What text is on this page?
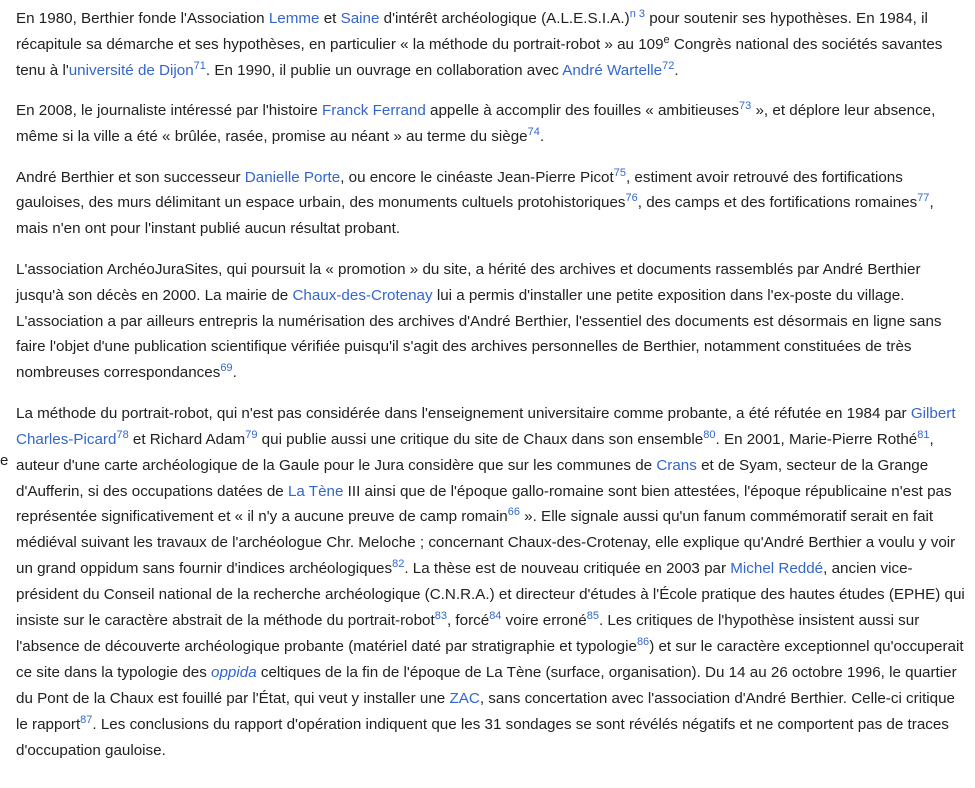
e

En 1980, Berthier fonde l'Association Lemme et Saine d'intérêt archéologique $(A.L.E.S.I.A.)^{n 3}$ pour soutenir ses hypothèses. En 1984, il récapitule sa démarche et ses hypothèses, en particulier « la méthode du portrait-robot » au 109e Congrès national des sociétés savantes tenu à l'université de Dijon$^{71}$. En 1990, il publie un ouvrage en collaboration avec André Wartelle$^{72}$.

En 2008, le journaliste intéressé par l'histoire Franck Ferrand appelle à accomplir des fouilles « ambitieuses$^{73}$ », et déplore leur absence, même si la ville a été « brûlée, rasée, promise au néant » au terme du siège$^{74}$.

André Berthier et son successeur Danielle Porte, ou encore le cinéaste Jean-Pierre Picot$^{75}$, estiment avoir retrouvé des fortifications gauloises, des murs délimitant un espace urbain, des monuments cultuels protohistoriques$^{76}$, des camps et des fortifications romaines$^{77}$, mais n'en ont pour l'instant publié aucun résultat probant.

L'association ArchéoJuraSites, qui poursuit la « promotion » du site, a hérité des archives et documents rassemblés par André Berthier jusqu'à son décès en 2000. La mairie de Chaux-des-Crotenay lui a permis d'installer une petite exposition dans l'ex-poste du village. L'association a par ailleurs entrepris la numérisation des archives d'André Berthier, l'essentiel des documents est désormais en ligne sans faire l'objet d'une publication scientifique vérifiée puisqu'il s'agit des archives personnelles de Berthier, notamment constituées de très nombreuses correspondances$^{69}$.

La méthode du portrait-robot, qui n'est pas considérée dans l'enseignement universitaire comme probante, a été réfutée en 1984 par Gilbert Charles-Picard$^{78}$ et Richard Adam$^{79}$ qui publie aussi une critique du site de Chaux dans son ensemble$^{80}$. En 2001, Marie-Pierre Rothé$^{81}$, auteur d'une carte archéologique de la Gaule pour le Jura considère que sur les communes de Crans et de Syam, secteur de la Grange d'Aufferin, si des occupations datées de La Tène III ainsi que de l'époque gallo-romaine sont bien attestées, l'époque républicaine n'est pas représentée significativement et « il n'y a aucune preuve de camp romain$^{66}$ ». Elle signale aussi qu'un fanum commémoratif serait en fait médiéval suivant les travaux de l'archéologue Chr. Meloche ; concernant Chaux-des-Crotenay, elle explique qu'André Berthier a voulu y voir un grand oppidum sans fournir d'indices archéologiques$^{82}$. La thèse est de nouveau critiquée en 2003 par Michel Reddé, ancien vice-président du Conseil national de la recherche archéologique (C.N.R.A.) et directeur d'études à l'École pratique des hautes études (EPHE) qui insiste sur le caractère abstrait de la méthode du portrait-robot$^{83}$, forcé$^{84}$ voire erroné$^{85}$. Les critiques de l'hypothèse insistent aussi sur l'absence de découverte archéologique probante (matériel daté par stratigraphie et typologie$^{86}$) et sur le caractère exceptionnel qu'occuperait ce site dans la typologie des oppida celtiques de la fin de l'époque de La Tène (surface, organisation). Du 14 au 26 octobre 1996, le quartier du Pont de la Chaux est fouillé par l'État, qui veut y installer une ZAC, sans concertation avec l'association d'André Berthier. Celle-ci critique le rapport$^{87}$. Les conclusions du rapport d'opération indiquent que les 31 sondages se sont révélés négatifs et ne comportent pas de traces d'occupation gauloise.
